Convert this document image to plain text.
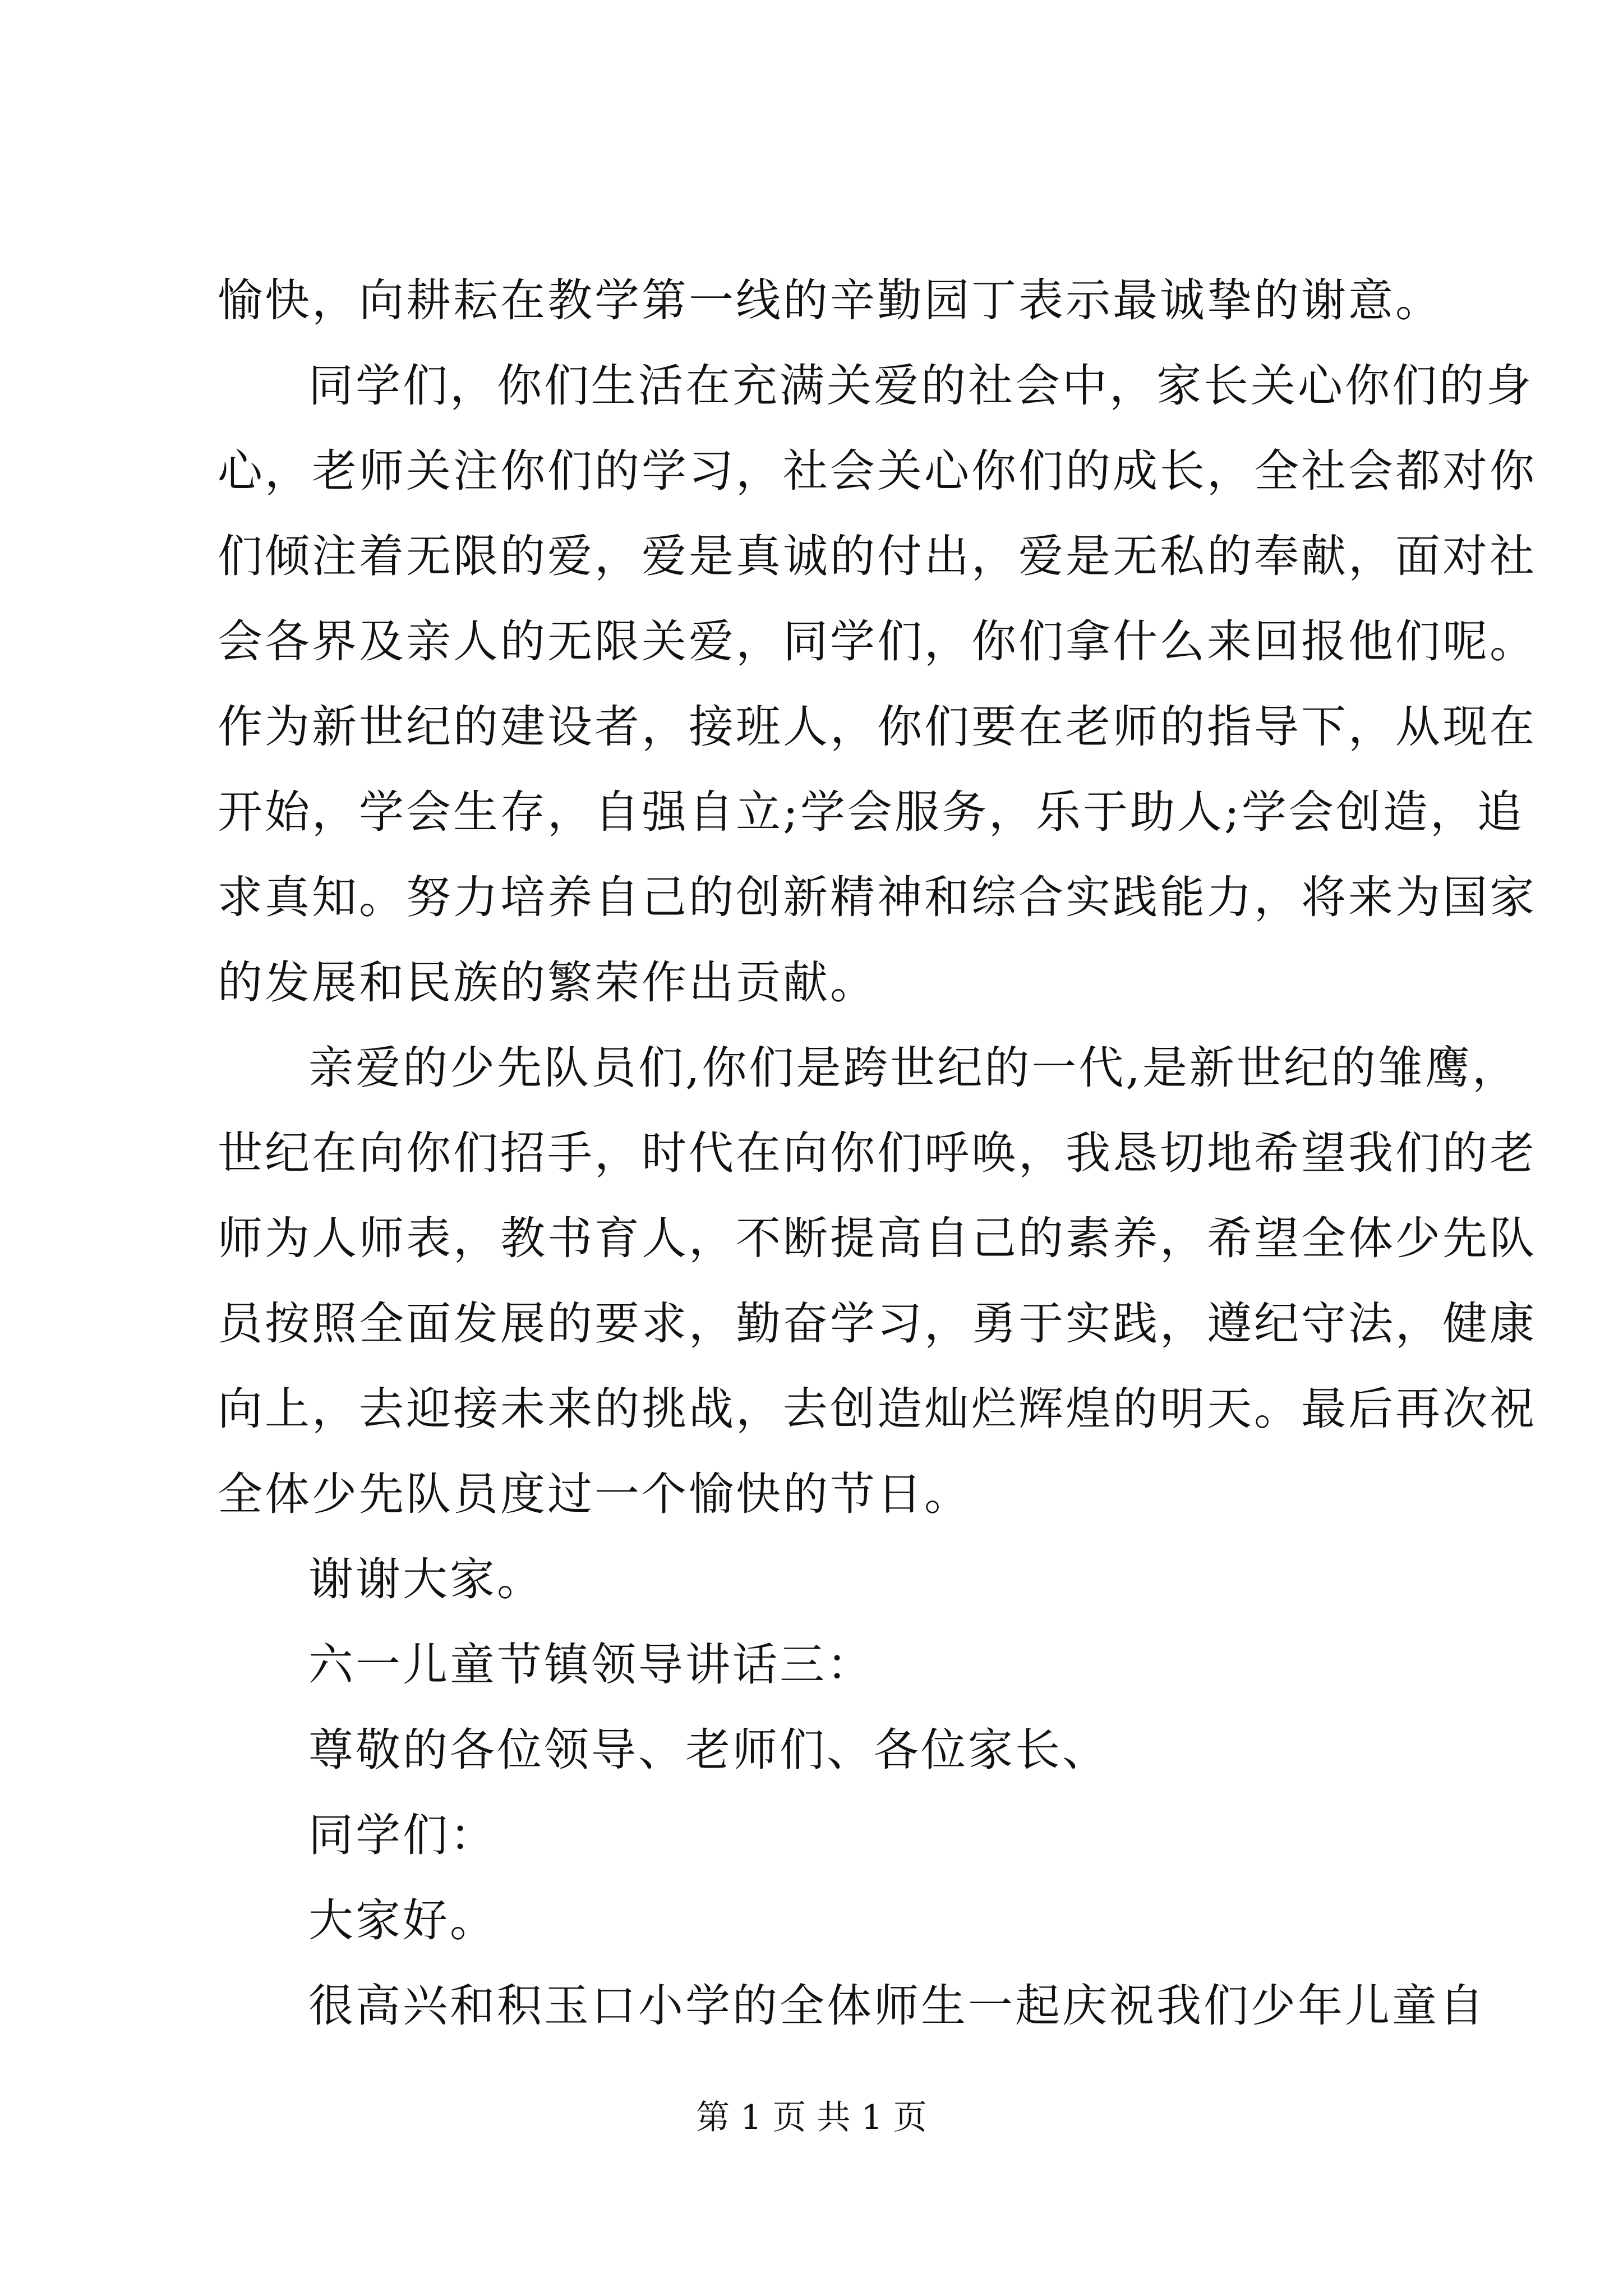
愉快，向耕耘在教学第一线的辛勤园丁表示最诚挚的谢意。
同学们，你们生活在充满关爱的社会中，家长关心你们的身
心，老师关注你们的学习，社会关心你们的成长，全社会都对你
们倾注着无限的爱，爱是真诚的付出，爱是无私的奉献，面对社
会各界及亲人的无限关爱，同学们，你们拿什么来回报他们呢。
作为新世纪的建设者，接班人，你们要在老师的指导下，从现在
开始，学会生存，自强自立;学会服务，乐于助人;学会创造，追
求真知。努力培养自己的创新精神和综合实践能力，将来为国家
的发展和民族的繁荣作出贡献。
亲爱的少先队员们,你们是跨世纪的一代,是新世纪的雏鹰，
世纪在向你们招手，时代在向你们呼唤，我恳切地希望我们的老
师为人师表，教书育人，不断提高自己的素养，希望全体少先队
员按照全面发展的要求，勤奋学习，勇于实践，遵纪守法，健康
向上，去迎接未来的挑战，去创造灿烂辉煌的明天。最后再次祝
全体少先队员度过一个愉快的节日。
谢谢大家。
六一儿童节镇领导讲话三：
尊敬的各位领导、老师们、各位家长、
同学们：
大家好。
很高兴和积玉口小学的全体师生一起庆祝我们少年儿童自
第 1 页 共 1 页
